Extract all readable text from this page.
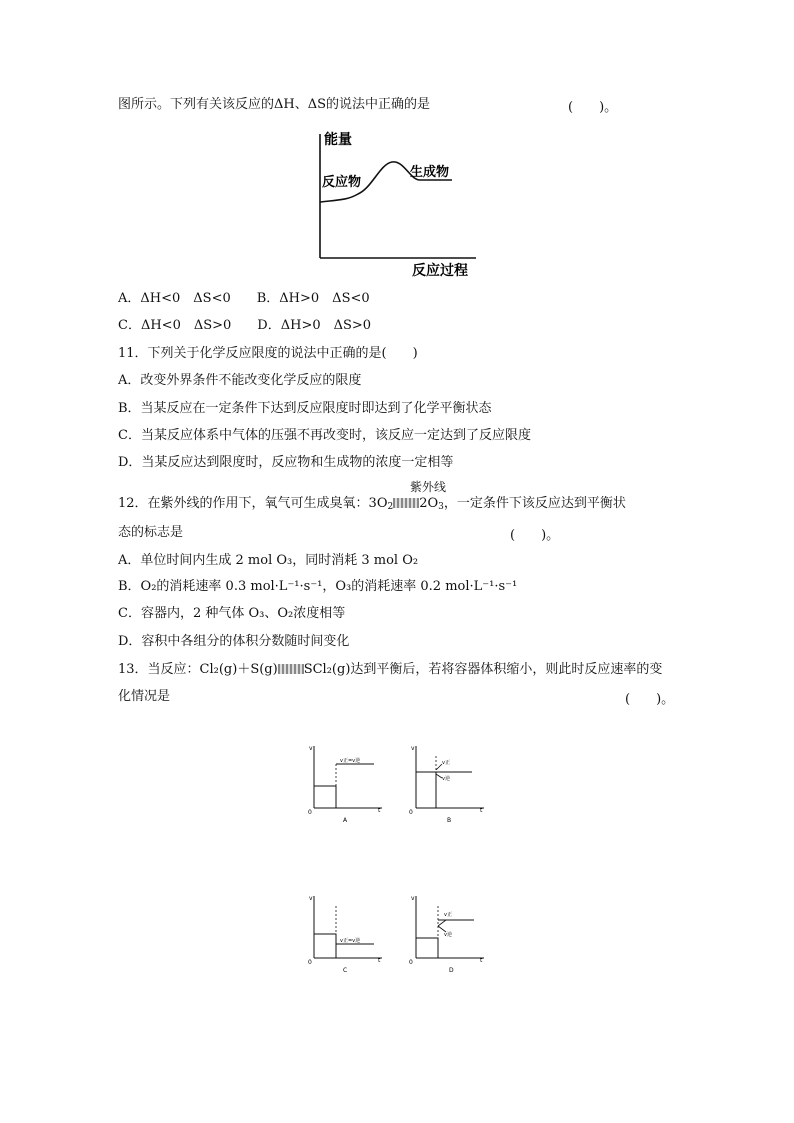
图所示。下列有关该反应的ΔH、ΔS的说法中正确的是	(　　)。
能量
反应过程
反应物
生成物
A．ΔH<0　ΔS<0　　B．ΔH>0　ΔS<0
C．ΔH<0　ΔS>0　　D．ΔH>0　ΔS>0
11．下列关于化学反应限度的说法中正确的是(　　)
A．改变外界条件不能改变化学反应的限度
B．当某反应在一定条件下达到反应限度时即达到了化学平衡状态
C．当某反应体系中气体的压强不再改变时，该反应一定达到了反应限度
D．当某反应达到限度时，反应物和生成物的浓度一定相等
紫外线
12．在紫外线的作用下，氧气可生成臭氧：$3O_2$ $2O_3$，一定条件下该反应达到平衡状
态的标志是	(　　)。
A．单位时间内生成 2 mol O₃，同时消耗 3 mol O₂
B．O₂的消耗速率 0.3 mol·L⁻¹·s⁻¹，O₃的消耗速率 0.2 mol·L⁻¹·s⁻¹
C．容器内，2 种气体 O₃、O₂浓度相等
D．容积中各组分的体积分数随时间变化
13．当反应：Cl₂(g)＋S(g) SCl₂(g)达到平衡后，若将容器体积缩小，则此时反应速率的变
化情况是	(　　)。
v
t
0
v正=v逆
A
v
t
0
v正
v逆
B
v
t
0
v正=v逆
C
v
t
0
v正
v逆
D
